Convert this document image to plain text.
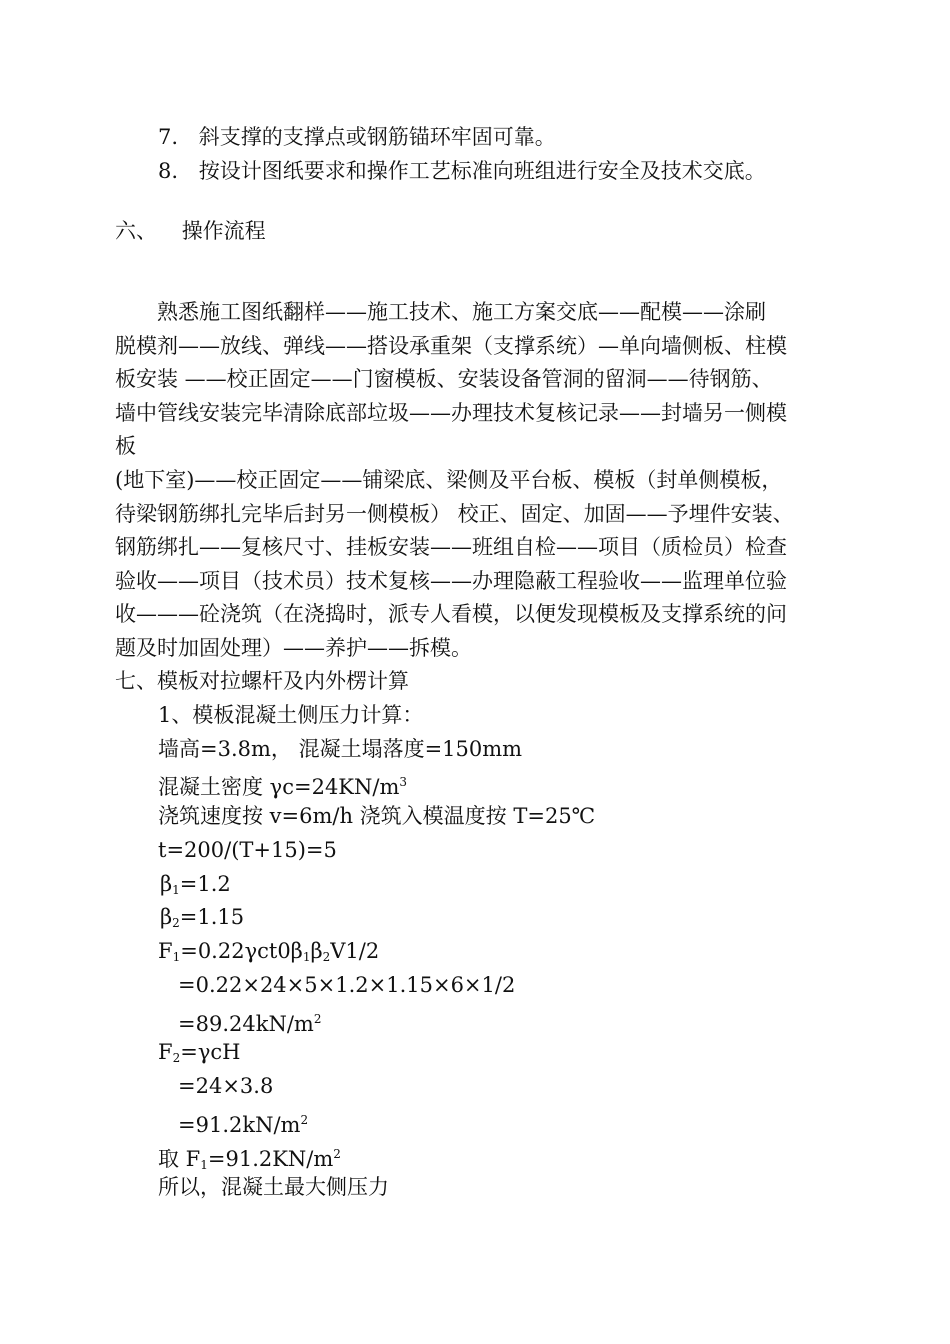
7. 斜支撑的支撑点或钢筋锚环牢固可靠。
8. 按设计图纸要求和操作工艺标准向班组进行安全及技术交底。
六、 操作流程
　　熟悉施工图纸翻样——施工技术、施工方案交底——配模——涂刷
脱模剂——放线、弹线——搭设承重架（支撑系统）—单向墙侧板、柱模
板安装 ——校正固定——门窗模板、安装设备管洞的留洞——待钢筋、
墙中管线安装完毕清除底部垃圾——办理技术复核记录——封墙另一侧模
板
(地下室)——校正固定——铺梁底、梁侧及平台板、模板（封单侧模板，
待梁钢筋绑扎完毕后封另一侧模板） 校正、固定、加固——予埋件安装、
钢筋绑扎——复核尺寸、挂板安装——班组自检——项目（质检员）检查
验收——项目（技术员）技术复核——办理隐蔽工程验收——监理单位验
收———砼浇筑（在浇捣时，派专人看模，以便发现模板及支撑系统的问
题及时加固处理）——养护——拆模。
七、模板对拉螺杆及内外楞计算
1、模板混凝土侧压力计算：
墙高=3.8m， 混凝土塌落度=150mm
混凝土密度 $\gamma c=24KN/m^3$
浇筑速度按 v=6m/h 浇筑入模温度按 T=25℃
t=200/(T+15)=5
$\beta_1=1.2$
$\beta_2=1.15$
$F_1=0.22\gamma ct0\beta_1\beta_2V1/2$
=0.22×24×5×1.2×1.15×6×1/2
$=89.24kN/m^2$
$F_2=\gamma cH$
=24×3.8
$=91.2kN/m^2$
取 $F_1=91.2KN/m^2$
所以，混凝土最大侧压力
